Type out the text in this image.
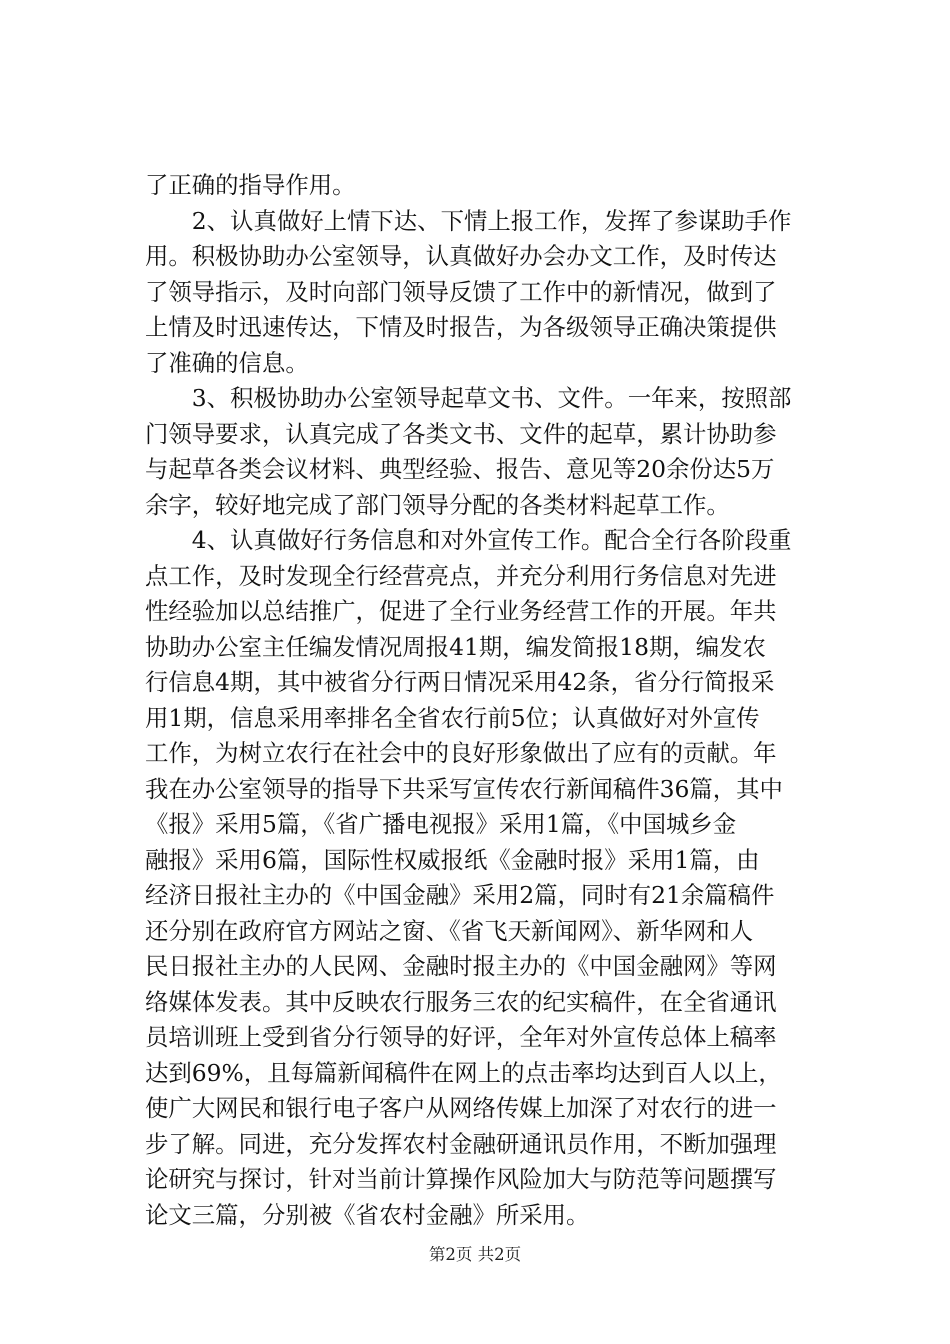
了正确的指导作用。
　　2、认真做好上情下达、下情上报工作，发挥了参谋助手作
用。积极协助办公室领导，认真做好办会办文工作，及时传达
了领导指示，及时向部门领导反馈了工作中的新情况，做到了
上情及时迅速传达，下情及时报告，为各级领导正确决策提供
了准确的信息。
　　3、积极协助办公室领导起草文书、文件。一年来，按照部
门领导要求，认真完成了各类文书、文件的起草，累计协助参
与起草各类会议材料、典型经验、报告、意见等20余份达5万
余字，较好地完成了部门领导分配的各类材料起草工作。
　　4、认真做好行务信息和对外宣传工作。配合全行各阶段重
点工作，及时发现全行经营亮点，并充分利用行务信息对先进
性经验加以总结推广，促进了全行业务经营工作的开展。年共
协助办公室主任编发情况周报41期，编发简报18期，编发农
行信息4期，其中被省分行两日情况采用42条，省分行简报采
用1期，信息采用率排名全省农行前5位；认真做好对外宣传
工作，为树立农行在社会中的良好形象做出了应有的贡献。年
我在办公室领导的指导下共采写宣传农行新闻稿件36篇，其中
《报》采用5篇，《省广播电视报》采用1篇，《中国城乡金
融报》采用6篇，国际性权威报纸《金融时报》采用1篇，由
经济日报社主办的《中国金融》采用2篇，同时有21余篇稿件
还分别在政府官方网站之窗、《省飞天新闻网》、新华网和人
民日报社主办的人民网、金融时报主办的《中国金融网》等网
络媒体发表。其中反映农行服务三农的纪实稿件，在全省通讯
员培训班上受到省分行领导的好评，全年对外宣传总体上稿率
达到69%，且每篇新闻稿件在网上的点击率均达到百人以上，
使广大网民和银行电子客户从网络传媒上加深了对农行的进一
步了解。同进，充分发挥农村金融研通讯员作用，不断加强理
论研究与探讨，针对当前计算操作风险加大与防范等问题撰写
论文三篇，分别被《省农村金融》所采用。
第2页 共2页
